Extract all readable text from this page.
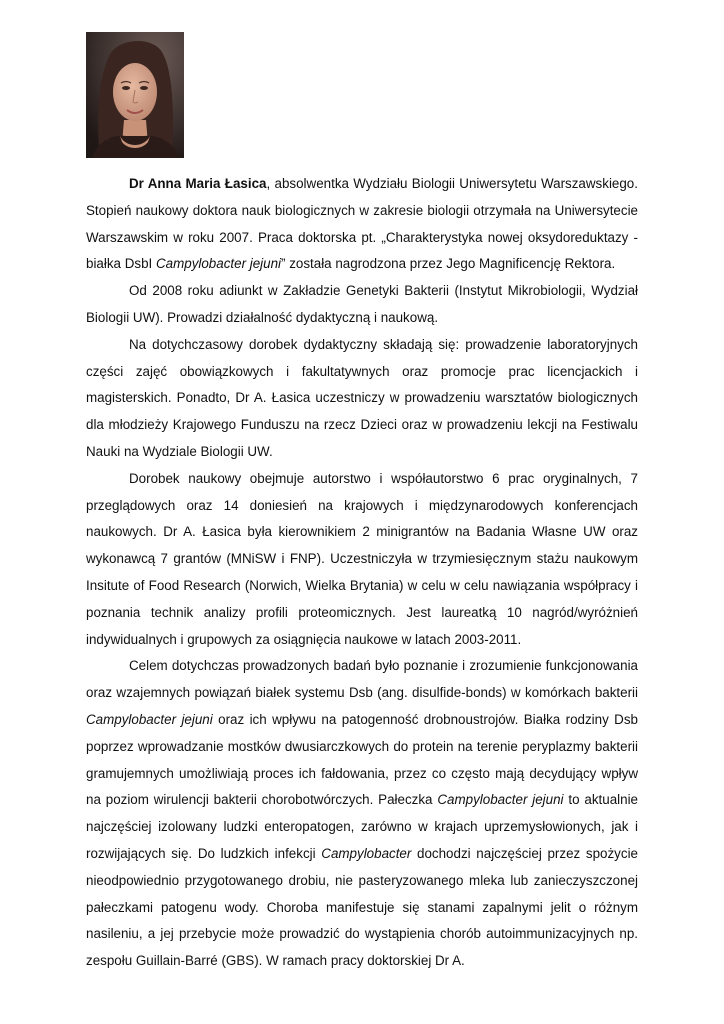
Dr Anna Maria Łasica, absolwentka Wydziału Biologii Uniwersytetu Warszawskiego. Stopień naukowy doktora nauk biologicznych w zakresie biologii otrzymała na Uniwersytecie Warszawskim w roku 2007. Praca doktorska pt. „Charakterystyka nowej oksydoreduktazy - białka DsbI Campylobacter jejuni” została nagrodzona przez Jego Magnificencję Rektora.

Od 2008 roku adiunkt w Zakładzie Genetyki Bakterii (Instytut Mikrobiologii, Wydział Biologii UW). Prowadzi działalność dydaktyczną i naukową.

Na dotychczasowy dorobek dydaktyczny składają się: prowadzenie laboratoryjnych części zajęć obowiązkowych i fakultatywnych oraz promocje prac licencjackich i magisterskich. Ponadto, Dr A. Łasica uczestniczy w prowadzeniu warsztatów biologicznych dla młodzieży Krajowego Funduszu na rzecz Dzieci oraz w prowadzeniu lekcji na Festiwalu Nauki na Wydziale Biologii UW.

Dorobek naukowy obejmuje autorstwo i współautorstwo 6 prac oryginalnych, 7 przeglądowych oraz 14 doniesień na krajowych i międzynarodowych konferencjach naukowych. Dr A. Łasica była kierownikiem 2 minigrantów na Badania Własne UW oraz wykonawcą 7 grantów (MNiSW i FNP). Uczestniczyła w trzymiesięcznym stażu naukowym Insitute of Food Research (Norwich, Wielka Brytania) w celu w celu nawiązania współpracy i poznania technik analizy profili proteomicznych. Jest laureatką 10 nagród/wyróżnień indywidualnych i grupowych za osiągnięcia naukowe w latach 2003-2011.

Celem dotychczas prowadzonych badań było poznanie i zrozumienie funkcjonowania oraz wzajemnych powiązań białek systemu Dsb (ang. disulfide-bonds) w komórkach bakterii Campylobacter jejuni oraz ich wpływu na patogenność drobnoustrojów. Białka rodziny Dsb poprzez wprowadzanie mostków dwusiarczkowych do protein na terenie peryplazmy bakterii gramujemnych umożliwiają proces ich fałdowania, przez co często mają decydujący wpływ na poziom wirulencji bakterii chorobotwórczych. Pałeczka Campylobacter jejuni to aktualnie najczęściej izolowany ludzki enteropatogen, zarówno w krajach uprzemysłowionych, jak i rozwijających się. Do ludzkich infekcji Campylobacter dochodzi najczęściej przez spożycie nieodpowiednio przygotowanego drobiu, nie pasteryzowanego mleka lub zanieczyszczonej pałeczkami patogenu wody. Choroba manifestuje się stanami zapalnymi jelit o różnym nasileniu, a jej przebycie może prowadzić do wystąpienia chorób autoimmunizacyjnych np. zespołu Guillain-Barré (GBS). W ramach pracy doktorskiej Dr A.
